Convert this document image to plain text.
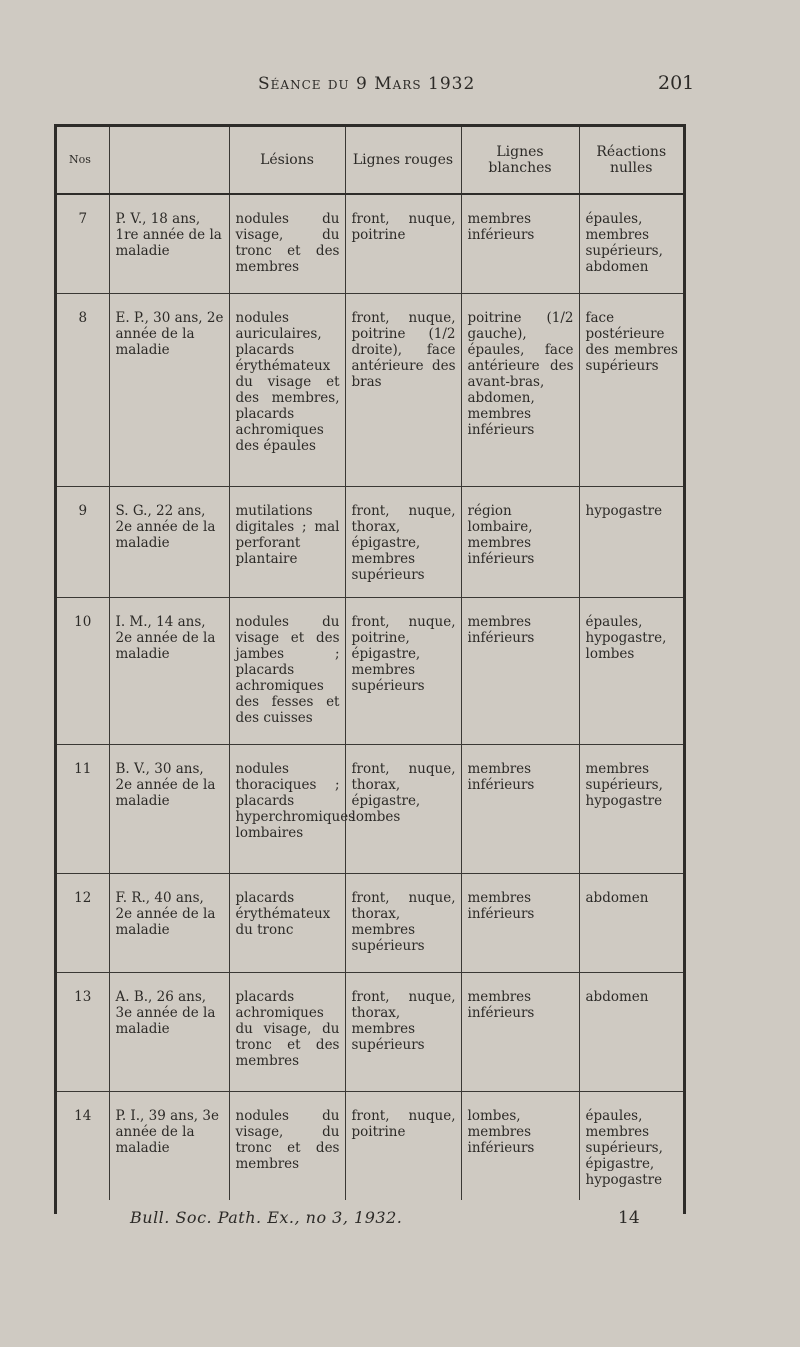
Séance du 9 Mars 1932	201
Nos		Lésions	Lignes rouges	Lignes blanches	Réactions nulles
7	P. V., 18 ans, 1re année de la maladie	nodules du visage, du tronc et des membres	front, nuque, poitrine	membres inférieurs	épaules, membres supérieurs, abdomen
8	E. P., 30 ans, 2e année de la maladie	nodules auriculaires, placards érythémateux du visage et des membres, placards achromiques des épaules	front, nuque, poitrine (1/2 droite), face antérieure des bras	poitrine (1/2 gauche), épaules, face antérieure des avant-bras, abdomen, membres inférieurs	face postérieure des membres supérieurs
9	S. G., 22 ans, 2e année de la maladie	mutilations digitales ; mal perforant plantaire	front, nuque, thorax, épigastre, membres supérieurs	région lombaire, membres inférieurs	hypogastre
10	I. M., 14 ans, 2e année de la maladie	nodules du visage et des jambes ; placards achromiques des fesses et des cuisses	front, nuque, poitrine, épigastre, membres supérieurs	membres inférieurs	épaules, hypogastre, lombes
11	B. V., 30 ans, 2e année de la maladie	nodules thoraciques ; placards hyperchromiques lombaires	front, nuque, thorax, épigastre, lombes	membres inférieurs	membres supérieurs, hypogastre
12	F. R., 40 ans, 2e année de la maladie	placards érythémateux du tronc	front, nuque, thorax, membres supérieurs	membres inférieurs	abdomen
13	A. B., 26 ans, 3e année de la maladie	placards achromiques du visage, du tronc et des membres	front, nuque, thorax, membres supérieurs	membres inférieurs	abdomen
14	P. I., 39 ans, 3e année de la maladie	nodules du visage, du tronc et des membres	front, nuque, poitrine	lombes, membres inférieurs	épaules, membres supérieurs, épigastre, hypogastre
Bull. Soc. Path. Ex., no 3, 1932.	14
